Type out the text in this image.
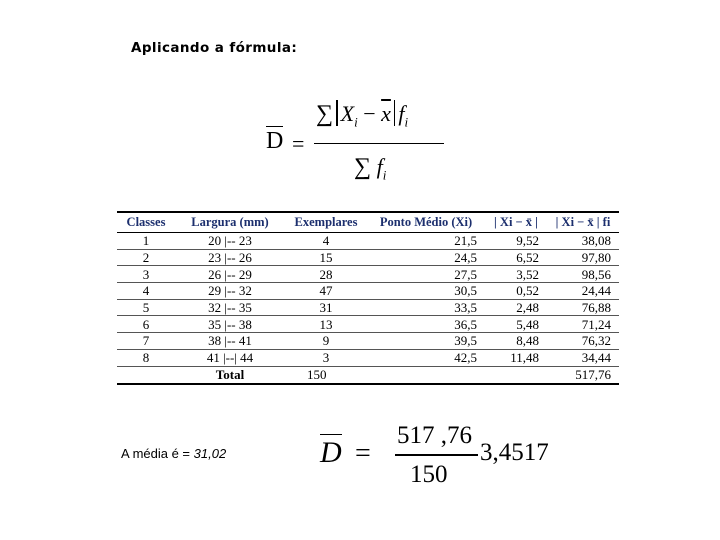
Aplicando a fórmula:
D =
∑ $X_i - \overline{x}$ $f_i$
∑ $f_i$
Classes	Largura (mm)	Exemplares	Ponto Médio (Xi)	| Xi − x̄ |	| Xi − x̄ | fi
1	20 |-- 23	4	21,5	9,52	38,08
2	23 |-- 26	15	24,5	6,52	97,80
3	26 |-- 29	28	27,5	3,52	98,56
4	29 |-- 32	47	30,5	0,52	24,44
5	32 |-- 35	31	33,5	2,48	76,88
6	35 |-- 38	13	36,5	5,48	71,24
7	38 |-- 41	9	39,5	8,48	76,32
8	41 |--| 44	3	42,5	11,48	34,44
	Total	150			517,76
A média é = 31,02	D =
517 ,76
150
3,4517
